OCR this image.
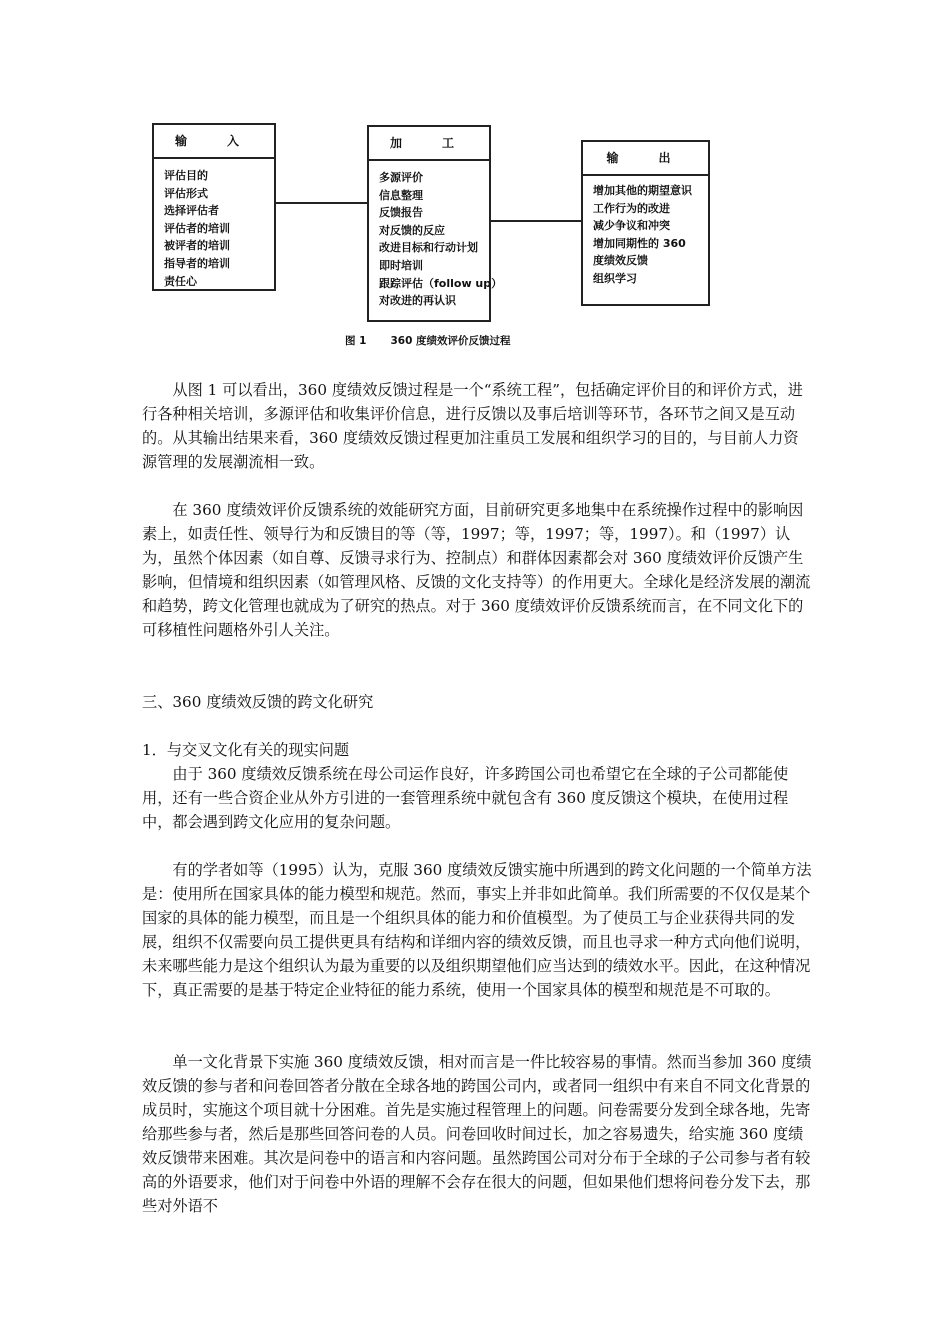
输　入
评估目的
评估形式
选择评估者
评估者的培训
被评者的培训
指导者的培训
责任心
加　工
多源评价
信息整理
反馈报告
对反馈的反应
改进目标和行动计划
即时培训
跟踪评估（follow up）
对改进的再认识
输　出
增加其他的期望意识
工作行为的改进
减少争议和冲突
增加同期性的 360
度绩效反馈
组织学习
图 1 360 度绩效评价反馈过程

从图 1 可以看出，360 度绩效反馈过程是一个“系统工程”，包括确定评价目的和评价方式，进行各种相关培训，多源评估和收集评价信息，进行反馈以及事后培训等环节，各环节之间又是互动的。从其输出结果来看，360 度绩效反馈过程更加注重员工发展和组织学习的目的，与目前人力资源管理的发展潮流相一致。

在 360 度绩效评价反馈系统的效能研究方面，目前研究更多地集中在系统操作过程中的影响因素上，如责任性、领导行为和反馈目的等（等，1997；等，1997；等，1997）。和（1997）认为，虽然个体因素（如自尊、反馈寻求行为、控制点）和群体因素都会对 360 度绩效评价反馈产生影响，但情境和组织因素（如管理风格、反馈的文化支持等）的作用更大。全球化是经济发展的潮流和趋势，跨文化管理也就成为了研究的热点。对于 360 度绩效评价反馈系统而言，在不同文化下的可移植性问题格外引人关注。

三、360 度绩效反馈的跨文化研究

1．与交叉文化有关的现实问题

由于 360 度绩效反馈系统在母公司运作良好，许多跨国公司也希望它在全球的子公司都能使用，还有一些合资企业从外方引进的一套管理系统中就包含有 360 度反馈这个模块，在使用过程中，都会遇到跨文化应用的复杂问题。

有的学者如等（1995）认为，克服 360 度绩效反馈实施中所遇到的跨文化问题的一个简单方法是：使用所在国家具体的能力模型和规范。然而，事实上并非如此简单。我们所需要的不仅仅是某个国家的具体的能力模型，而且是一个组织具体的能力和价值模型。为了使员工与企业获得共同的发展，组织不仅需要向员工提供更具有结构和详细内容的绩效反馈，而且也寻求一种方式向他们说明，未来哪些能力是这个组织认为最为重要的以及组织期望他们应当达到的绩效水平。因此，在这种情况下，真正需要的是基于特定企业特征的能力系统，使用一个国家具体的模型和规范是不可取的。

单一文化背景下实施 360 度绩效反馈，相对而言是一件比较容易的事情。然而当参加 360 度绩效反馈的参与者和问卷回答者分散在全球各地的跨国公司内，或者同一组织中有来自不同文化背景的成员时，实施这个项目就十分困难。首先是实施过程管理上的问题。问卷需要分发到全球各地，先寄给那些参与者，然后是那些回答问卷的人员。问卷回收时间过长，加之容易遗失，给实施 360 度绩效反馈带来困难。其次是问卷中的语言和内容问题。虽然跨国公司对分布于全球的子公司参与者有较高的外语要求，他们对于问卷中外语的理解不会存在很大的问题，但如果他们想将问卷分发下去，那些对外语不
